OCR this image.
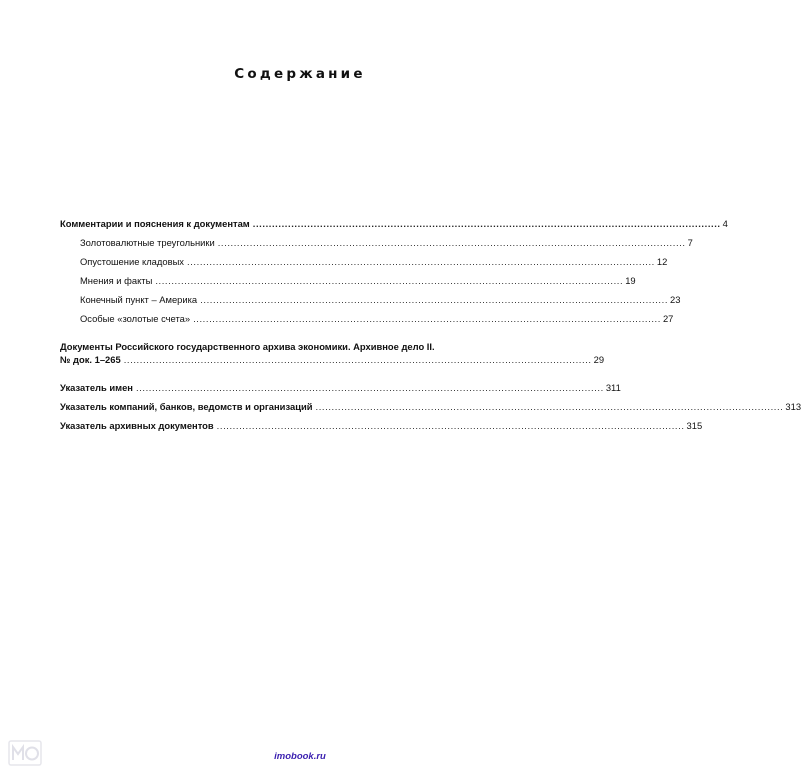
Содержание
Комментарии и пояснения к документам .................................................................................................................................................. 4
Золотовалютные треугольники .................................................................................................................................................. 7
Опустошение кладовых .................................................................................................................................................. 12
Мнения и факты .................................................................................................................................................. 19
Конечный пункт – Америка .................................................................................................................................................. 23
Особые «золотые счета» .................................................................................................................................................. 27
Документы Российского государственного архива экономики. Архивное дело II.
№ док. 1–265 .................................................................................................................................................. 29
Указатель имен .................................................................................................................................................. 311
Указатель компаний, банков, ведомств и организаций .................................................................................................................................................. 313
Указатель архивных документов .................................................................................................................................................. 315
imobook.ru
